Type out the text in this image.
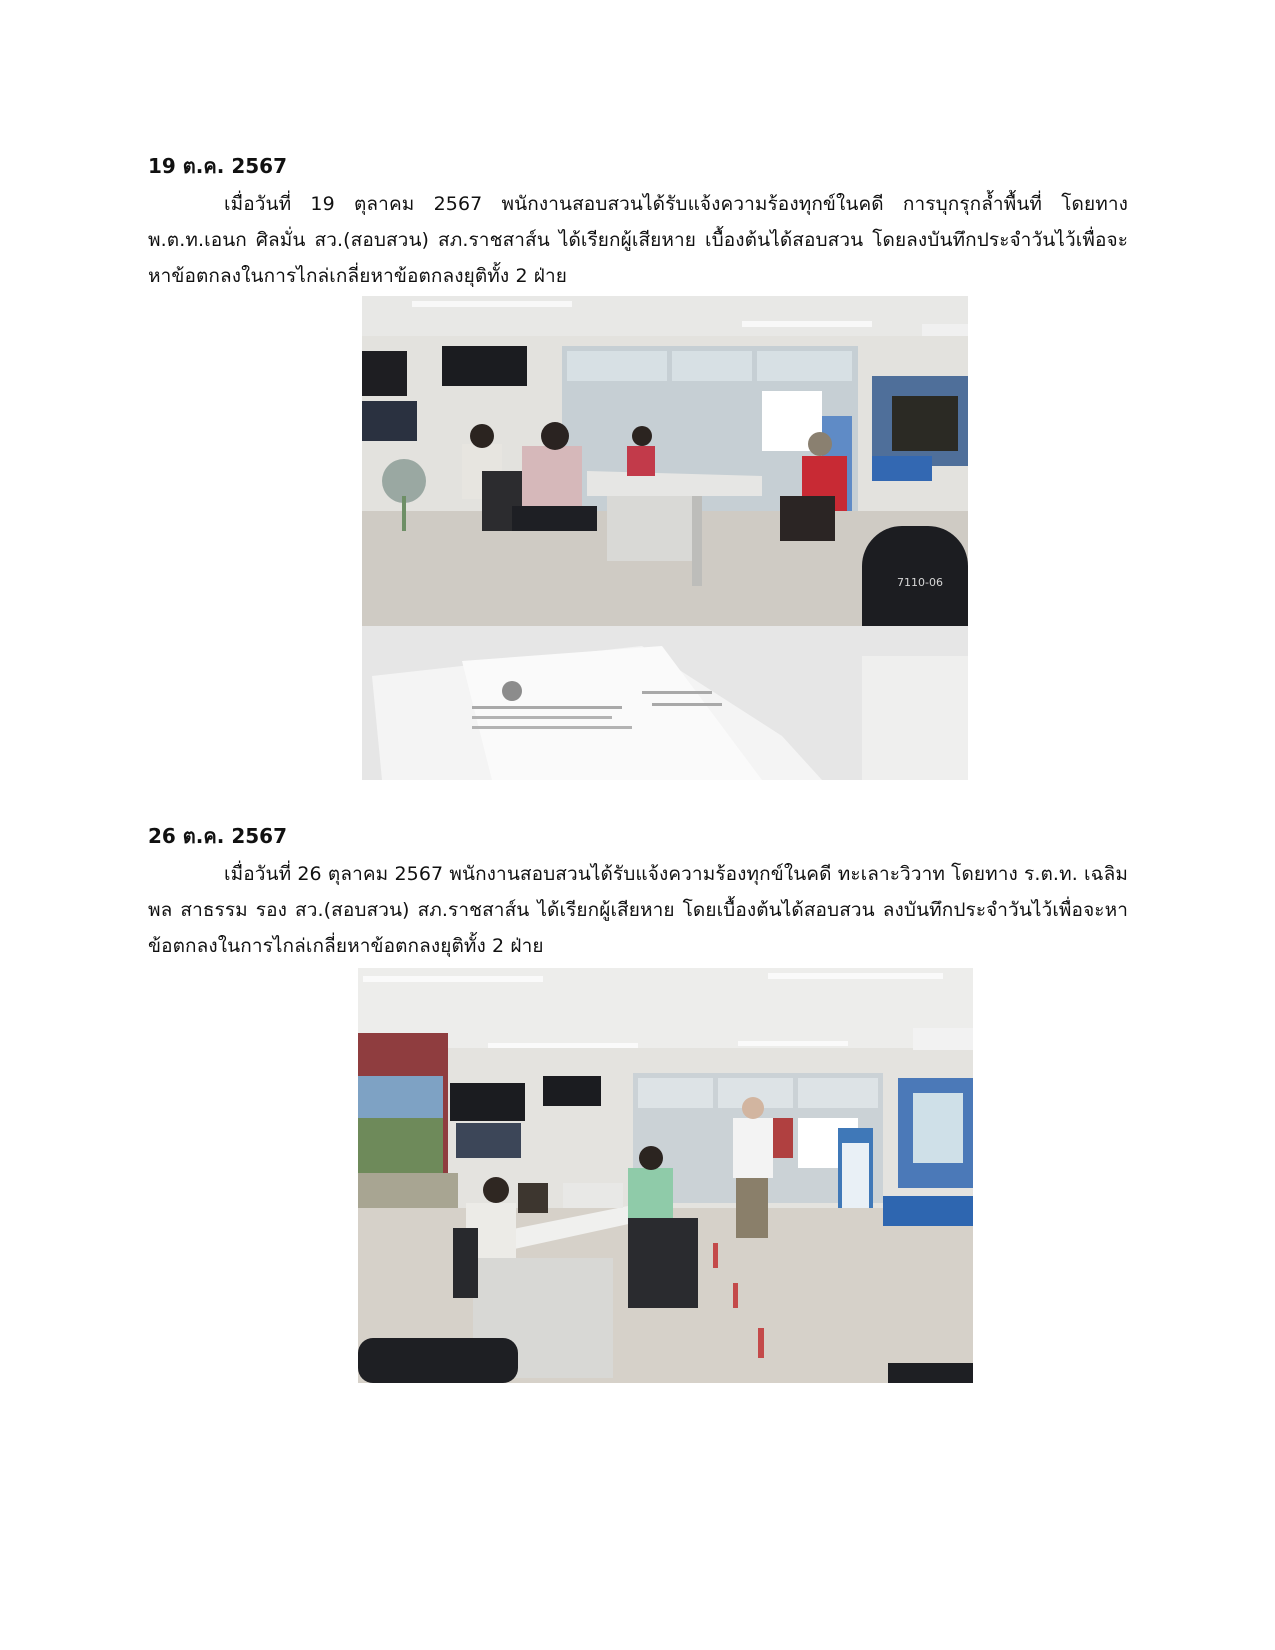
19 ต.ค. 2567

เมื่อวันที่ 19 ตุลาคม 2567 พนักงานสอบสวนได้รับแจ้งความร้องทุกข์ในคดี การบุกรุกล้ำพื้นที่ โดยทาง พ.ต.ท.เอนก ศิลมั่น สว.(สอบสวน) สภ.ราชสาส์น ได้เรียกผู้เสียหาย เบื้องต้นได้สอบสวน โดยลงบันทึกประจำวันไว้เพื่อจะหาข้อตกลงในการไกล่เกลี่ยหาข้อตกลงยุติทั้ง 2 ฝ่าย

7110-06

26 ต.ค. 2567

เมื่อวันที่ 26 ตุลาคม 2567 พนักงานสอบสวนได้รับแจ้งความร้องทุกข์ในคดี ทะเลาะวิวาท โดยทาง ร.ต.ท. เฉลิมพล สาธรรม รอง สว.(สอบสวน) สภ.ราชสาส์น ได้เรียกผู้เสียหาย โดยเบื้องต้นได้สอบสวน ลงบันทึกประจำวันไว้เพื่อจะหาข้อตกลงในการไกล่เกลี่ยหาข้อตกลงยุติทั้ง 2 ฝ่าย
